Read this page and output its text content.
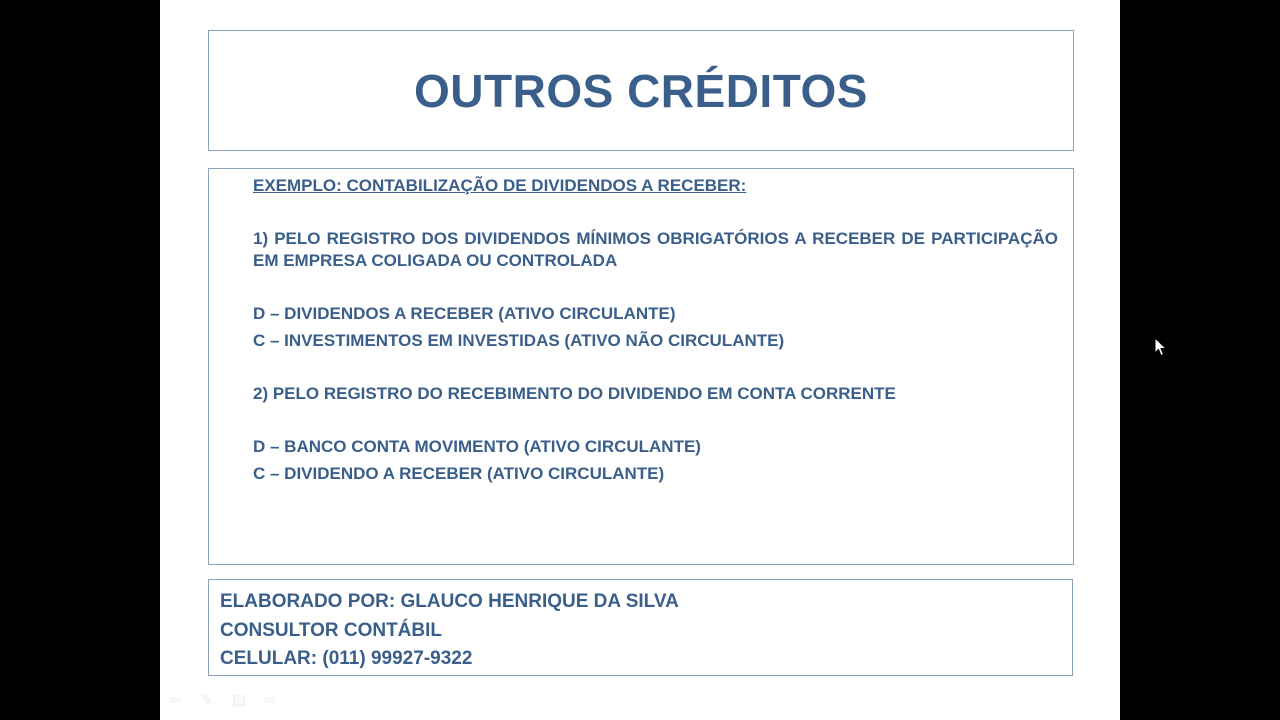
OUTROS CRÉDITOS

EXEMPLO: CONTABILIZAÇÃO DE DIVIDENDOS A RECEBER:

1) PELO REGISTRO DOS DIVIDENDOS MÍNIMOS OBRIGATÓRIOS A RECEBER DE PARTICIPAÇÃO EM EMPRESA COLIGADA OU CONTROLADA

D – DIVIDENDOS A RECEBER (ATIVO CIRCULANTE)

C – INVESTIMENTOS EM INVESTIDAS (ATIVO NÃO CIRCULANTE)

2) PELO REGISTRO DO RECEBIMENTO DO DIVIDENDO EM CONTA CORRENTE

D – BANCO CONTA MOVIMENTO (ATIVO CIRCULANTE)

C – DIVIDENDO A RECEBER (ATIVO CIRCULANTE)

ELABORADO POR: GLAUCO HENRIQUE DA SILVA
CONSULTOR CONTÁBIL
CELULAR: (011) 99927-9322
⇦	✎	▤	⇨
